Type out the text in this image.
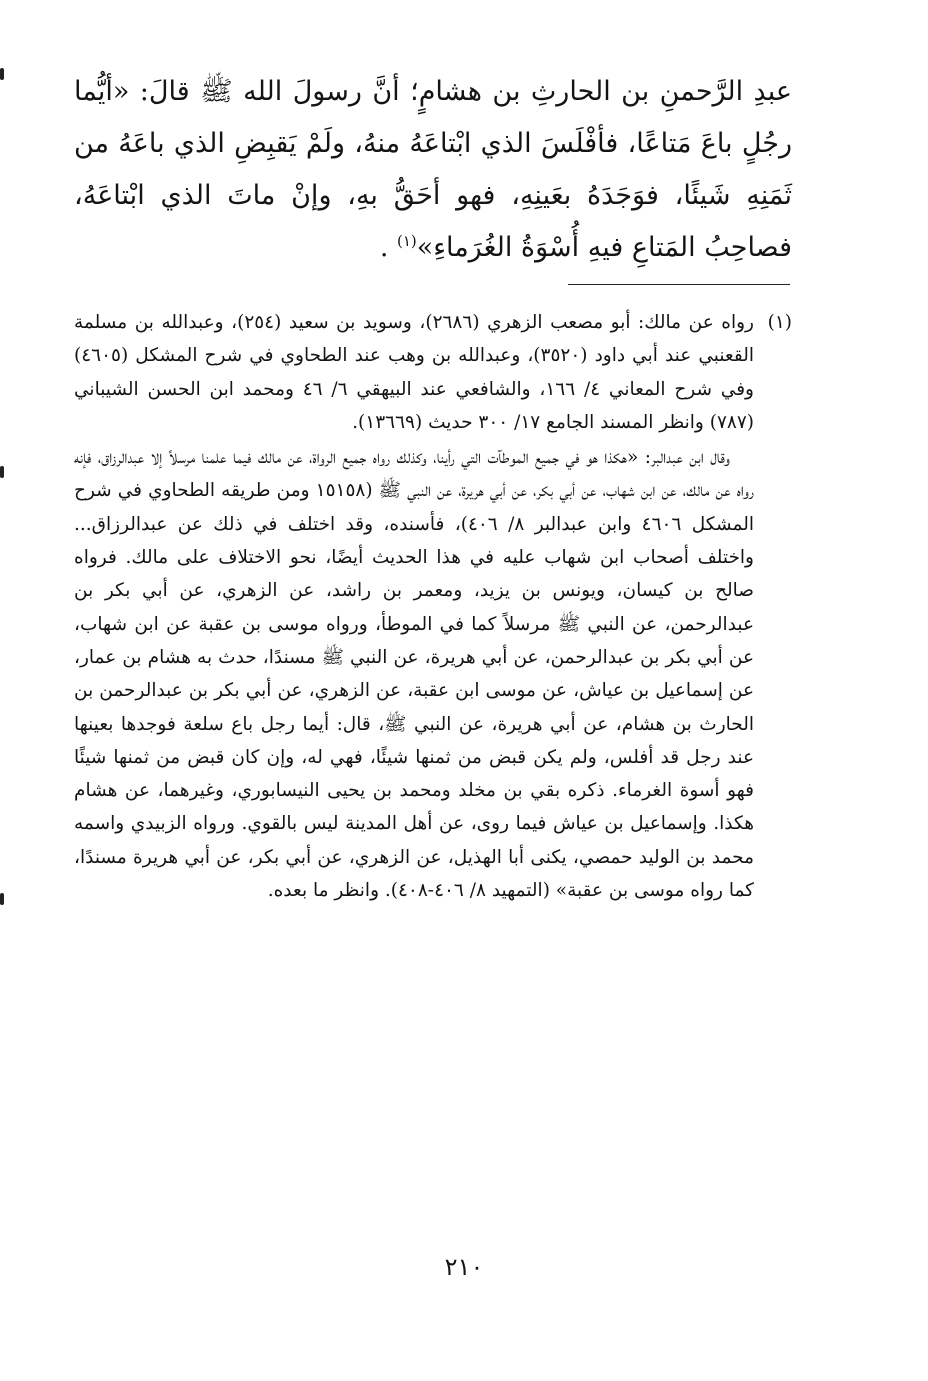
عبدِ الرَّحمنِ بن الحارثِ بن هشامٍ؛ أنَّ رسولَ الله ﷺ قالَ: «أيُّما رجُلٍ باعَ مَتاعًا، فأفْلَسَ الذي ابْتاعَهُ منهُ، ولَمْ يَقبِضِ الذي باعَهُ من ثَمَنِهِ شَيئًا، فوَجَدَهُ بعَينِهِ، فهو أحَقُّ بهِ، وإنْ ماتَ الذي ابْتاعَهُ، فصاحِبُ المَتاعِ فيهِ أُسْوَةُ الغُرَماءِ»$^{(١)}$ .

(١)

رواه عن مالك: أبو مصعب الزهري (٢٦٨٦)، وسويد بن سعيد (٢٥٤)، وعبدالله بن مسلمة القعنبي عند أبي داود (٣٥٢٠)، وعبدالله بن وهب عند الطحاوي في شرح المشكل (٤٦٠٥) وفي شرح المعاني ٤/ ١٦٦، والشافعي عند البيهقي ٦/ ٤٦ ومحمد ابن الحسن الشيباني (٧٨٧) وانظر المسند الجامع ١٧/ ٣٠٠ حديث (١٣٦٦٩).

وقال ابن عبدالبر: «هكذا هو في جميع الموطآت التي رأينا، وكذلك رواه جميع الرواة، عن مالك فيما علمنا مرسلاً إلا عبدالرزاق، فإنه رواه عن مالك، عن ابن شهاب، عن أبي بكر، عن أبي هريرة، عن النبي ﷺ (١٥١٥٨ ومن طريقه الطحاوي في شرح المشكل ٤٦٠٦ وابن عبدالبر ٨/ ٤٠٦)، فأسنده، وقد اختلف في ذلك عن عبدالرزاق... واختلف أصحاب ابن شهاب عليه في هذا الحديث أيضًا، نحو الاختلاف على مالك. فرواه صالح بن كيسان، ويونس بن يزيد، ومعمر بن راشد، عن الزهري، عن أبي بكر بن عبدالرحمن، عن النبي ﷺ مرسلاً كما في الموطأ، ورواه موسى بن عقبة عن ابن شهاب، عن أبي بكر بن عبدالرحمن، عن أبي هريرة، عن النبي ﷺ مسندًا، حدث به هشام بن عمار، عن إسماعيل بن عياش، عن موسى ابن عقبة، عن الزهري، عن أبي بكر بن عبدالرحمن بن الحارث بن هشام، عن أبي هريرة، عن النبي ﷺ، قال: أيما رجل باع سلعة فوجدها بعينها عند رجل قد أفلس، ولم يكن قبض من ثمنها شيئًا، فهي له، وإن كان قبض من ثمنها شيئًا فهو أسوة الغرماء. ذكره بقي بن مخلد ومحمد بن يحيى النيسابوري، وغيرهما، عن هشام هكذا. وإسماعيل بن عياش فيما روى، عن أهل المدينة ليس بالقوي. ورواه الزبيدي واسمه محمد بن الوليد حمصي، يكنى أبا الهذيل، عن الزهري، عن أبي بكر، عن أبي هريرة مسندًا، كما رواه موسى بن عقبة» (التمهيد ٨/ ٤٠٦-٤٠٨). وانظر ما بعده.

٢١٠
